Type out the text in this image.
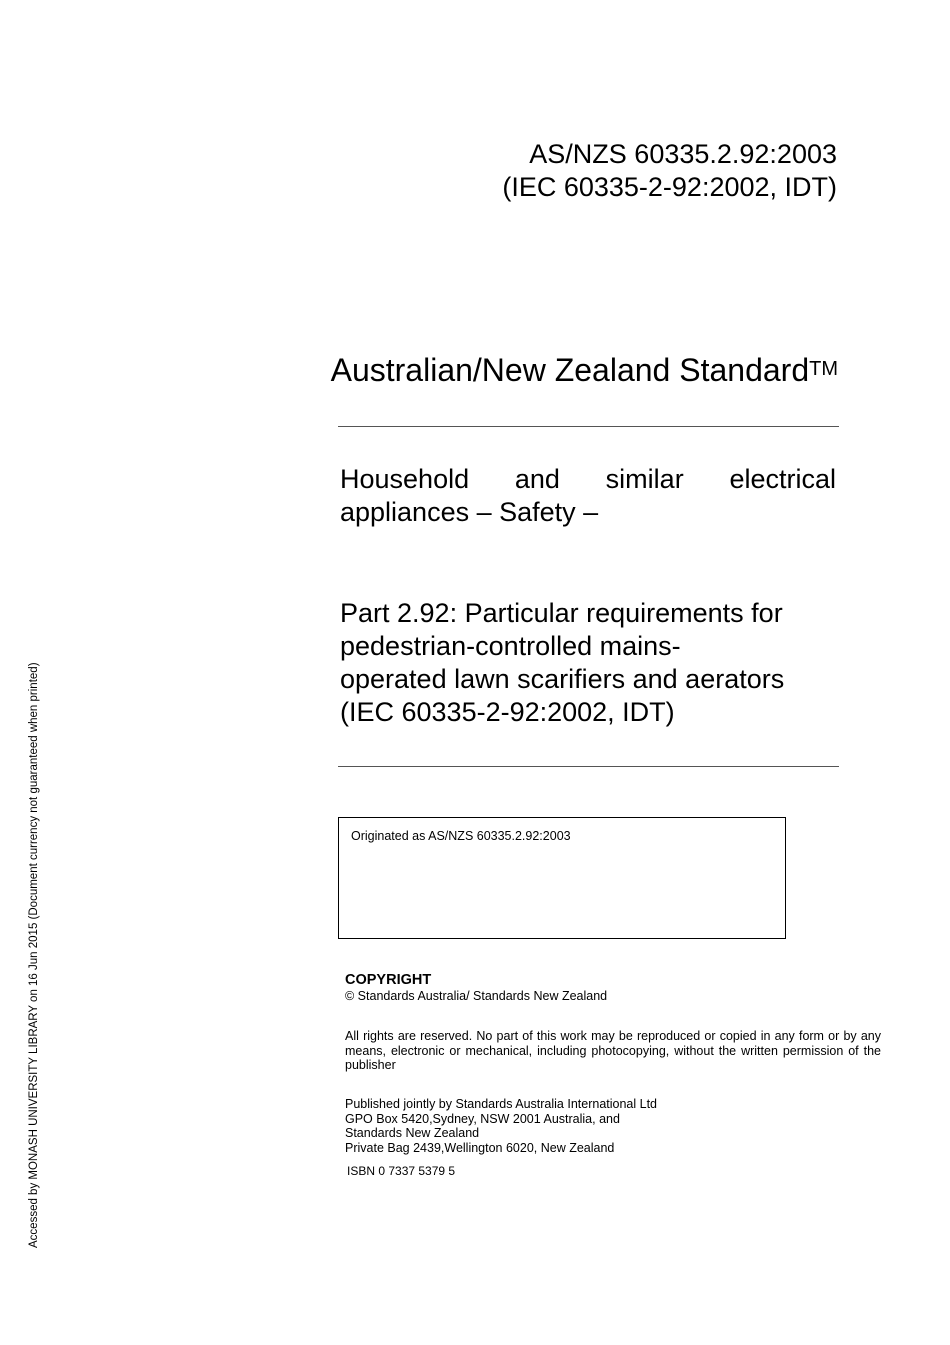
AS/NZS 60335.2.92:2003
(IEC 60335-2-92:2002, IDT)
Australian/New Zealand Standard™
Household and similar electrical
appliances – Safety –
Part 2.92: Particular requirements for
pedestrian-controlled mains-
operated lawn scarifiers and aerators
(IEC 60335-2-92:2002, IDT)
Originated as AS/NZS 60335.2.92:2003
COPYRIGHT
© Standards Australia/ Standards New Zealand
All rights are reserved. No part of this work may be reproduced or copied in any form or by any means, electronic or mechanical, including photocopying, without the written permission of the publisher
Published jointly by Standards Australia International Ltd
GPO Box 5420,Sydney, NSW 2001 Australia, and
Standards New Zealand
Private Bag 2439,Wellington 6020, New Zealand
ISBN 0 7337 5379 5
Accessed by MONASH UNIVERSITY LIBRARY on 16 Jun 2015 (Document currency not guaranteed when printed)
